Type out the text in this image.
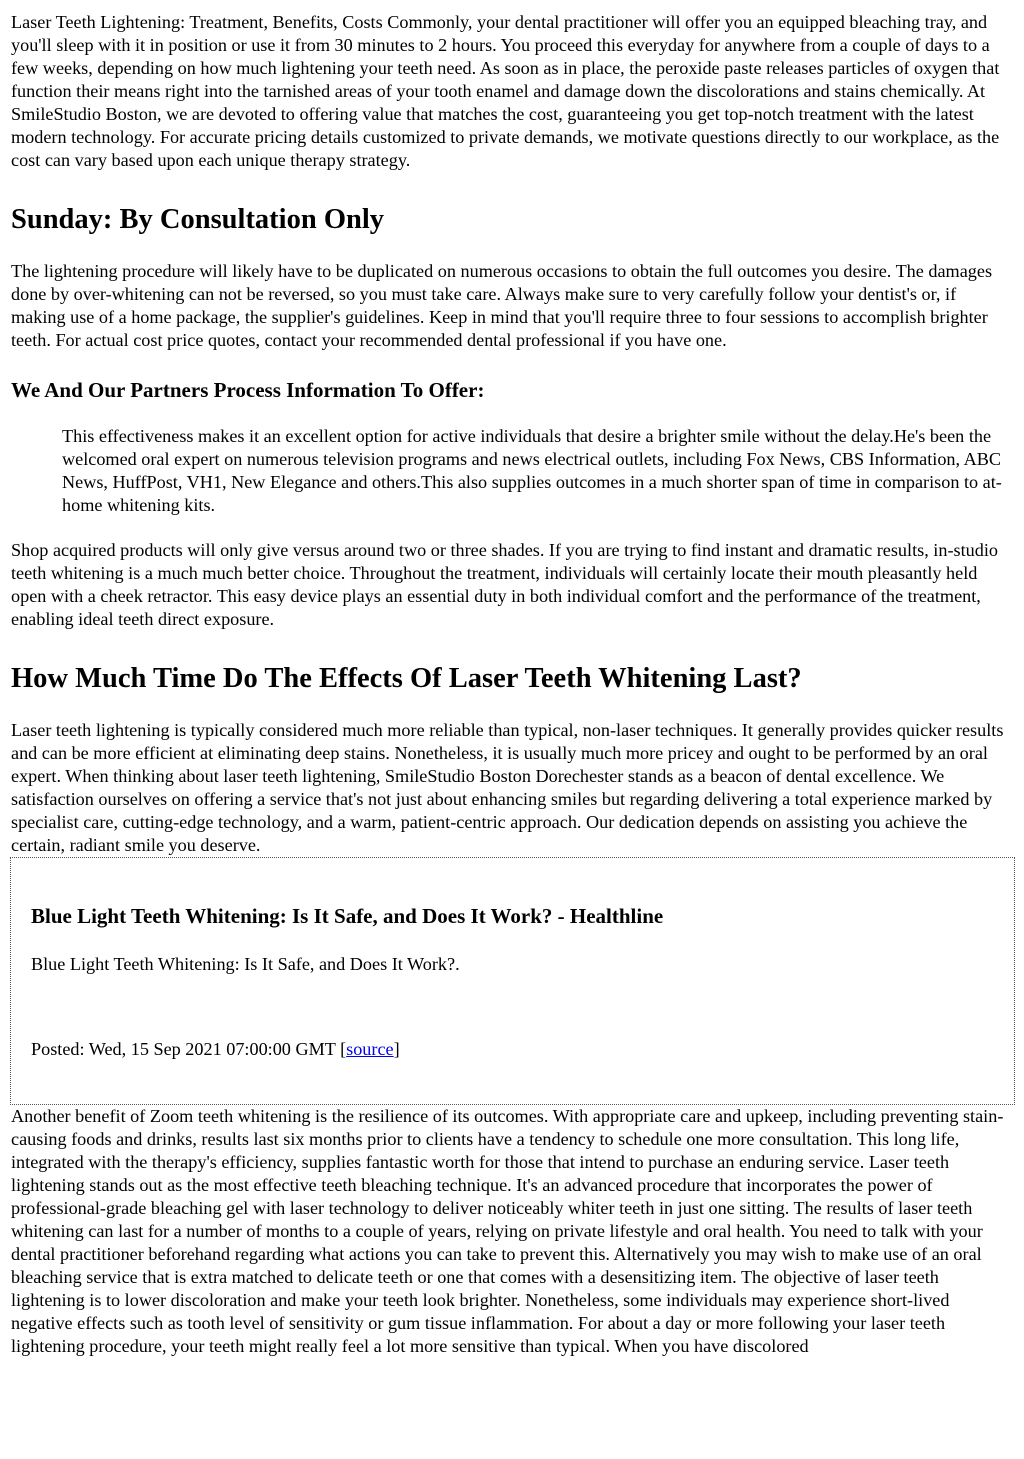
Laser Teeth Lightening: Treatment, Benefits, Costs Commonly, your dental practitioner will offer you an equipped bleaching tray, and you'll sleep with it in position or use it from 30 minutes to 2 hours. You proceed this everyday for anywhere from a couple of days to a few weeks, depending on how much lightening your teeth need. As soon as in place, the peroxide paste releases particles of oxygen that function their means right into the tarnished areas of your tooth enamel and damage down the discolorations and stains chemically. At SmileStudio Boston, we are devoted to offering value that matches the cost, guaranteeing you get top-notch treatment with the latest modern technology. For accurate pricing details customized to private demands, we motivate questions directly to our workplace, as the cost can vary based upon each unique therapy strategy.

Sunday: By Consultation Only

The lightening procedure will likely have to be duplicated on numerous occasions to obtain the full outcomes you desire. The damages done by over-whitening can not be reversed, so you must take care. Always make sure to very carefully follow your dentist's or, if making use of a home package, the supplier's guidelines. Keep in mind that you'll require three to four sessions to accomplish brighter teeth. For actual cost price quotes, contact your recommended dental professional if you have one.

We And Our Partners Process Information To Offer:
This effectiveness makes it an excellent option for active individuals that desire a brighter smile without the delay.He's been the welcomed oral expert on numerous television programs and news electrical outlets, including Fox News, CBS Information, ABC News, HuffPost, VH1, New Elegance and others.This also supplies outcomes in a much shorter span of time in comparison to at-home whitening kits.

Shop acquired products will only give versus around two or three shades. If you are trying to find instant and dramatic results, in-studio teeth whitening is a much much better choice. Throughout the treatment, individuals will certainly locate their mouth pleasantly held open with a cheek retractor. This easy device plays an essential duty in both individual comfort and the performance of the treatment, enabling ideal teeth direct exposure.

How Much Time Do The Effects Of Laser Teeth Whitening Last?

Laser teeth lightening is typically considered much more reliable than typical, non-laser techniques. It generally provides quicker results and can be more efficient at eliminating deep stains. Nonetheless, it is usually much more pricey and ought to be performed by an oral expert. When thinking about laser teeth lightening, SmileStudio Boston Dorechester stands as a beacon of dental excellence. We satisfaction ourselves on offering a service that's not just about enhancing smiles but regarding delivering a total experience marked by specialist care, cutting-edge technology, and a warm, patient-centric approach. Our dedication depends on assisting you achieve the certain, radiant smile you deserve.

Blue Light Teeth Whitening: Is It Safe, and Does It Work? - Healthline

Blue Light Teeth Whitening: Is It Safe, and Does It Work?.

Posted: Wed, 15 Sep 2021 07:00:00 GMT [source]

Another benefit of Zoom teeth whitening is the resilience of its outcomes. With appropriate care and upkeep, including preventing stain-causing foods and drinks, results last six months prior to clients have a tendency to schedule one more consultation. This long life, integrated with the therapy's efficiency, supplies fantastic worth for those that intend to purchase an enduring service. Laser teeth lightening stands out as the most effective teeth bleaching technique. It's an advanced procedure that incorporates the power of professional-grade bleaching gel with laser technology to deliver noticeably whiter teeth in just one sitting. The results of laser teeth whitening can last for a number of months to a couple of years, relying on private lifestyle and oral health. You need to talk with your dental practitioner beforehand regarding what actions you can take to prevent this. Alternatively you may wish to make use of an oral bleaching service that is extra matched to delicate teeth or one that comes with a desensitizing item. The objective of laser teeth lightening is to lower discoloration and make your teeth look brighter. Nonetheless, some individuals may experience short-lived negative effects such as tooth level of sensitivity or gum tissue inflammation. For about a day or more following your laser teeth lightening procedure, your teeth might really feel a lot more sensitive than typical. When you have discolored
